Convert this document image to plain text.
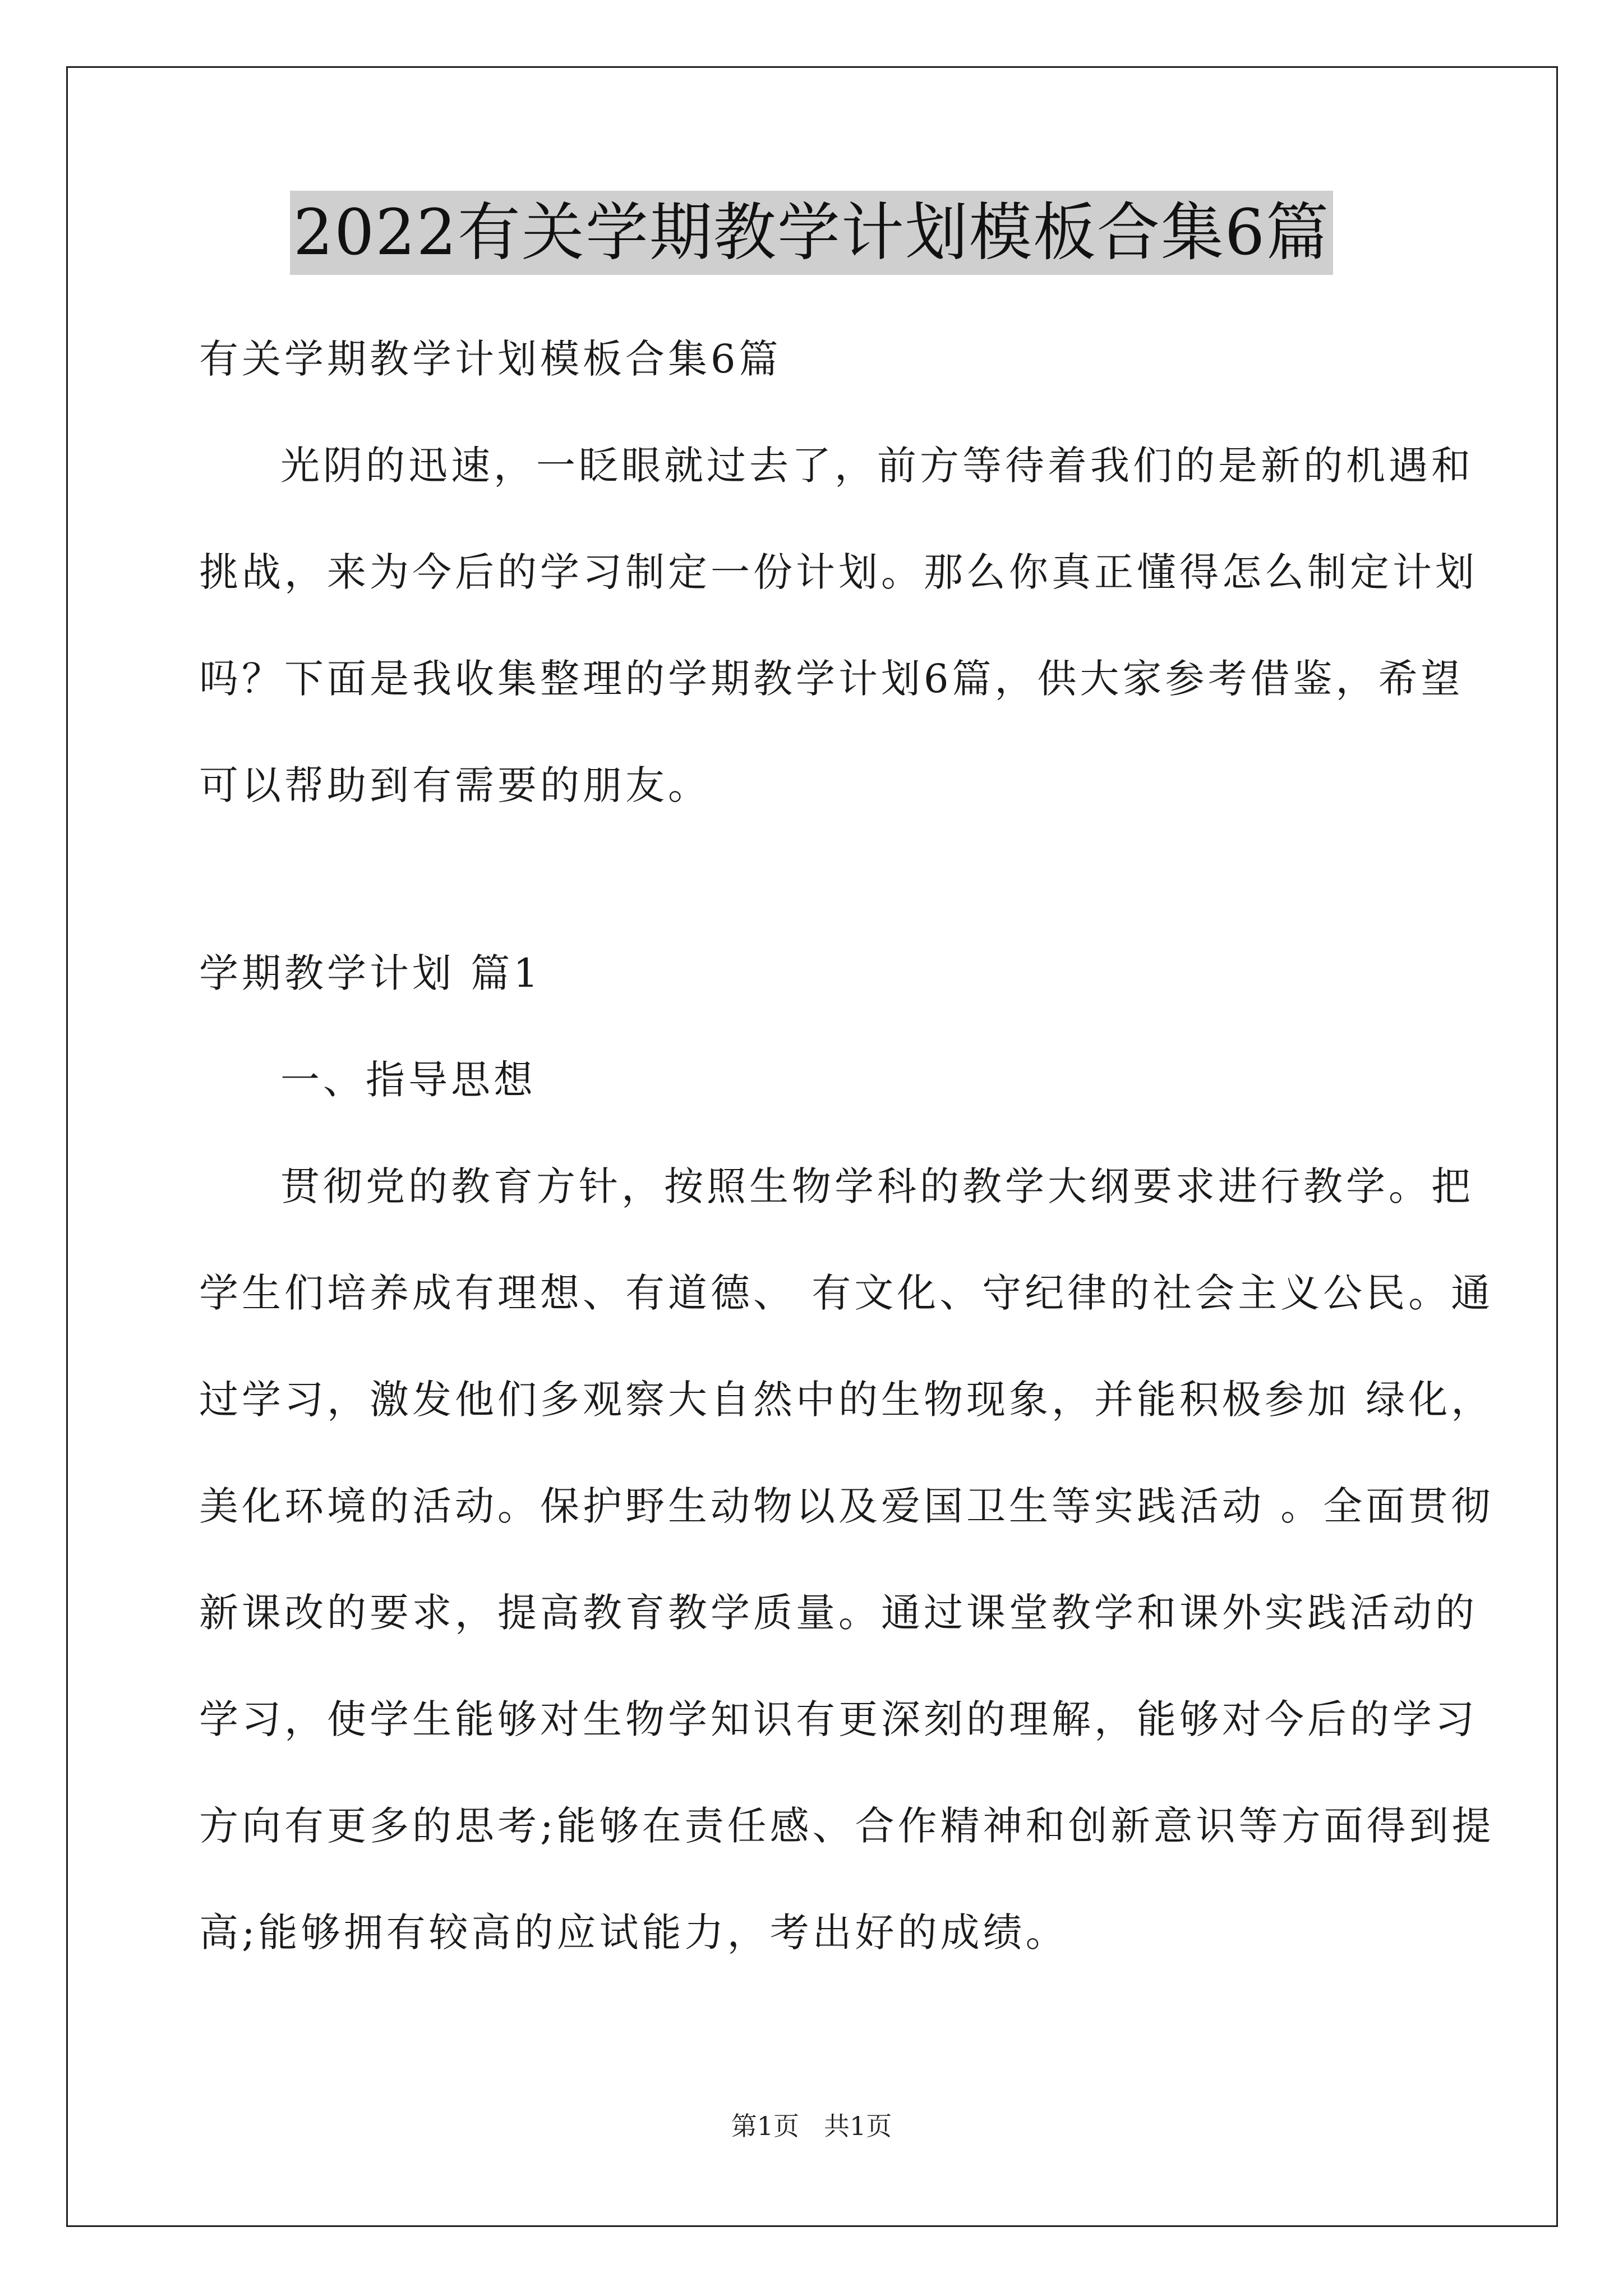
2022有关学期教学计划模板合集6篇

有关学期教学计划模板合集6篇

光阴的迅速，一眨眼就过去了，前方等待着我们的是新的机遇和

挑战，来为今后的学习制定一份计划。那么你真正懂得怎么制定计划

吗？下面是我收集整理的学期教学计划6篇，供大家参考借鉴，希望

可以帮助到有需要的朋友。

学期教学计划 篇1

一、指导思想

贯彻党的教育方针，按照生物学科的教学大纲要求进行教学。把

学生们培养成有理想、有道德、 有文化、守纪律的社会主义公民。通

过学习，激发他们多观察大自然中的生物现象，并能积极参加 绿化，

美化环境的活动。保护野生动物以及爱国卫生等实践活动 。全面贯彻

新课改的要求，提高教育教学质量。通过课堂教学和课外实践活动的

学习，使学生能够对生物学知识有更深刻的理解，能够对今后的学习

方向有更多的思考;能够在责任感、合作精神和创新意识等方面得到提

高;能够拥有较高的应试能力，考出好的成绩。

第1页 共1页
